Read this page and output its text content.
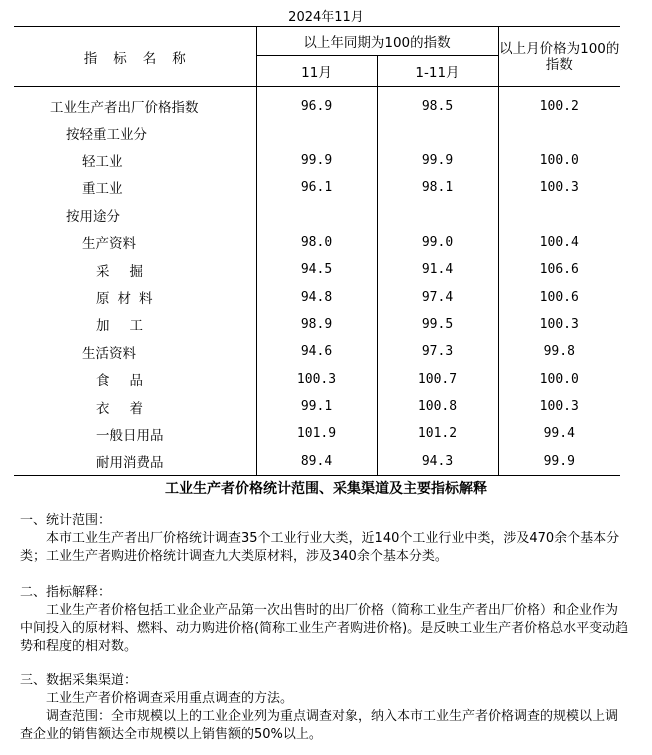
2024年11月
指标名称	以上年同期为100的指数		以上月价格为100的指数
	11月	1-11月	
工业生产者出厂价格指数	96.9	98.5	100.2
按轻重工业分			
轻工业	99.9	99.9	100.0
重工业	96.1	98.1	100.3
按用途分			
生产资料	98.0	99.0	100.4
采掘	94.5	91.4	106.6
原材料	94.8	97.4	100.6
加工	98.9	99.5	100.3
生活资料	94.6	97.3	99.8
食品	100.3	100.7	100.0
衣着	99.1	100.8	100.3
一般日用品	101.9	101.2	99.4
耐用消费品	89.4	94.3	99.9
工业生产者价格统计范围、采集渠道及主要指标解释

一、统计范围：

本市工业生产者出厂价格统计调查35个工业行业大类，近140个工业行业中类，涉及470余个基本分类；工业生产者购进价格统计调查九大类原材料，涉及340余个基本分类。

二、指标解释：

工业生产者价格包括工业企业产品第一次出售时的出厂价格（简称工业生产者出厂价格）和企业作为中间投入的原材料、燃料、动力购进价格(简称工业生产者购进价格)。是反映工业生产者价格总水平变动趋势和程度的相对数。

三、数据采集渠道：

工业生产者价格调查采用重点调查的方法。

调查范围：全市规模以上的工业企业列为重点调查对象，纳入本市工业生产者价格调查的规模以上调查企业的销售额达全市规模以上销售额的50%以上。
